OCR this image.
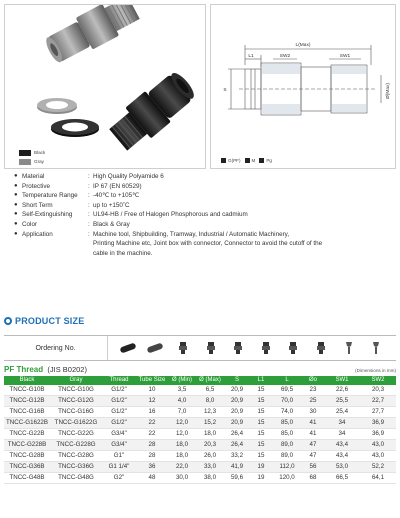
Black
Gray
L(Max)
L1	SW2	SW1
S	Ø(Max)
G(PF) M Pg
● Material	: High Quality Polyamide 6
● Protective	: IP 67 (EN 60529)
● Temperature Range	: -40℃ to +105℃
● Short Term	: up to +150˚C
● Self-Extinguishing	: UL94-HB / Free of Halogen Phosphorous and cadmium
● Color	: Black & Gray
● Application	: Machine tool, Shipbuilding, Tramway, Industrial / Automatic Machinery,
Printing Machine etc, Joint box with connector, Connector to avoid the cutoff of the
cable in the machine.
PRODUCT SIZE
Ordering No.
PF Thread (JIS B0202)	(Dimensions in mm)
Black	Gray	Thread	Tube Size	Ø (Min)	Ø (Max)	S	L1	L	Øo	SW1	SW2
TNCC-G10B	TNCC-G10G	G1/2"	10	3,5	6,5	20,9	15	69,5	23	22,6	20,3
TNCC-G12B	TNCC-G12G	G1/2"	12	4,0	8,0	20,9	15	70,0	25	25,5	22,7
TNCC-G16B	TNCC-G16G	G1/2"	16	7,0	12,3	20,9	15	74,0	30	25,4	27,7
TNCC-G1622B	TNCC-G1622G	G1/2"	22	12,0	15,2	20,9	15	85,0	41	34	36,9
TNCC-G22B	TNCC-G22G	G3/4"	22	12,0	18,0	26,4	15	85,0	41	34	36,9
TNCC-G228B	TNCC-G228G	G3/4"	28	18,0	20,3	26,4	15	89,0	47	43,4	43,0
TNCC-G28B	TNCC-G28G	G1"	28	18,0	26,0	33,2	15	89,0	47	43,4	43,0
TNCC-G36B	TNCC-G36G	G1 1/4"	36	22,0	33,0	41,9	19	112,0	56	53,0	52,2
TNCC-G48B	TNCC-G48G	G2"	48	30,0	38,0	59,6	19	120,0	68	66,5	64,1
